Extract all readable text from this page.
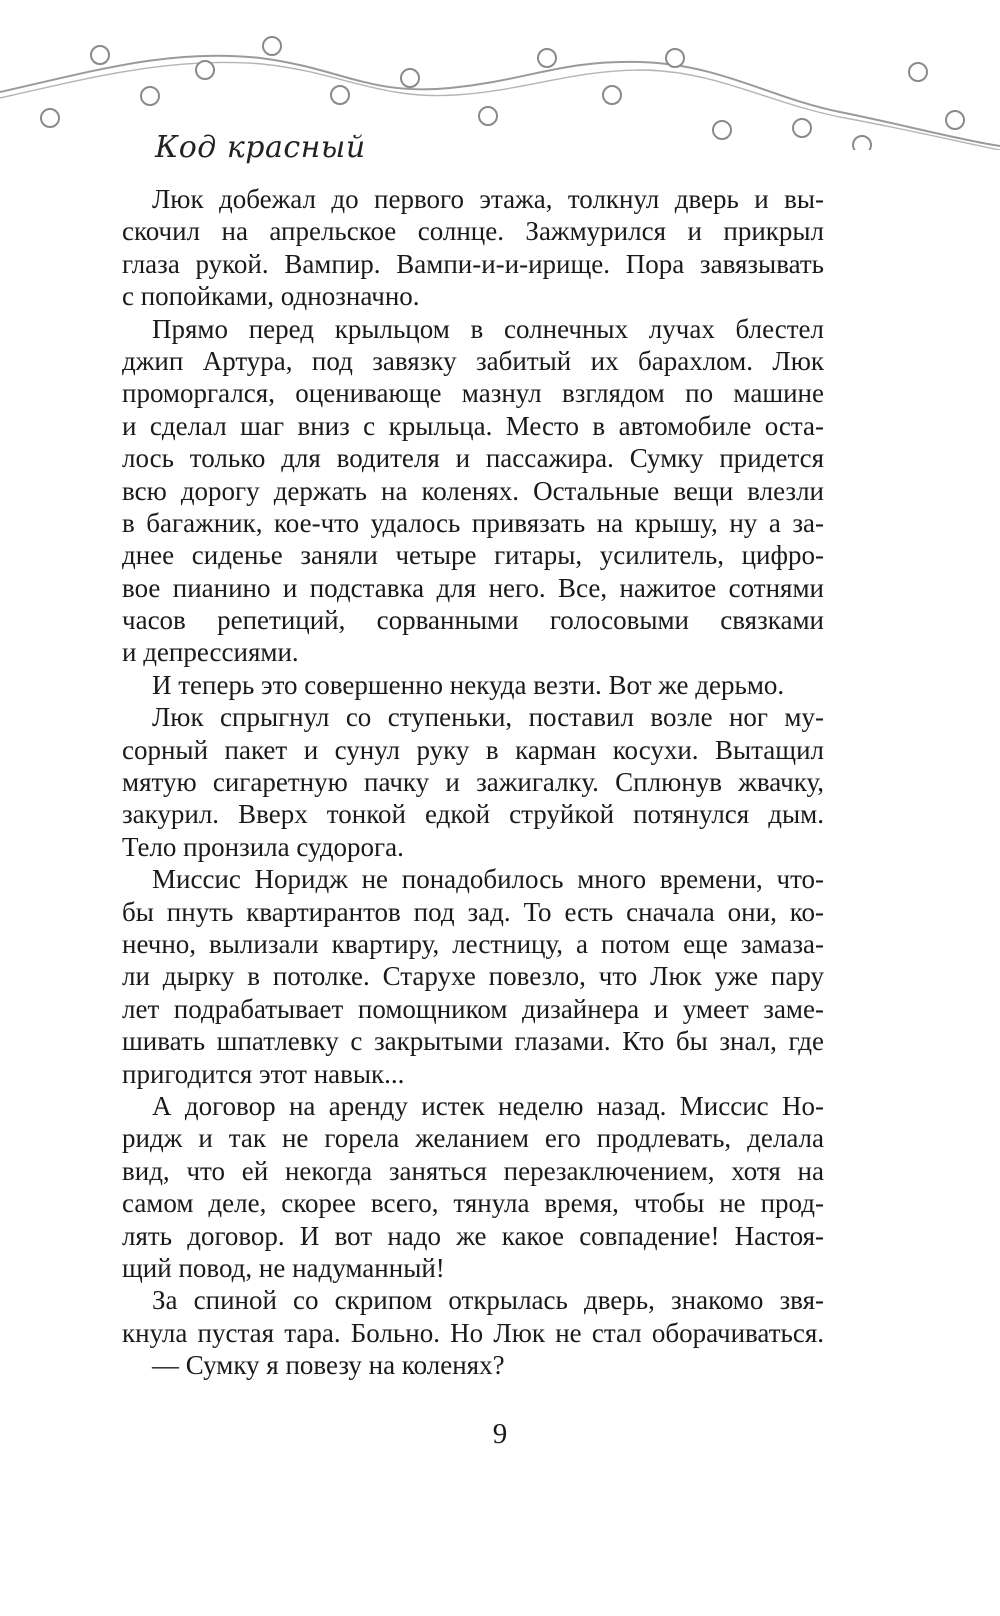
Код красный
Люк добежал до первого этажа, толкнул дверь и вы-
скочил на апрельское солнце. Зажмурился и прикрыл
глаза рукой. Вампир. Вампи-и-и-ирище. Пора завязывать
с попойками, однозначно.
Прямо перед крыльцом в солнечных лучах блестел
джип Артура, под завязку забитый их барахлом. Люк
проморгался, оценивающе мазнул взглядом по машине
и сделал шаг вниз с крыльца. Место в автомобиле оста-
лось только для водителя и пассажира. Сумку придется
всю дорогу держать на коленях. Остальные вещи влезли
в багажник, кое-что удалось привязать на крышу, ну а за-
днее сиденье заняли четыре гитары, усилитель, цифро-
вое пианино и подставка для него. Все, нажитое сотнями
часов репетиций, сорванными голосовыми связками
и депрессиями.
И теперь это совершенно некуда везти. Вот же дерьмо.
Люк спрыгнул со ступеньки, поставил возле ног му-
сорный пакет и сунул руку в карман косухи. Вытащил
мятую сигаретную пачку и зажигалку. Сплюнув жвачку,
закурил. Вверх тонкой едкой струйкой потянулся дым.
Тело пронзила судорога.
Миссис Норидж не понадобилось много времени, что-
бы пнуть квартирантов под зад. То есть сначала они, ко-
нечно, вылизали квартиру, лестницу, а потом еще замаза-
ли дырку в потолке. Старухе повезло, что Люк уже пару
лет подрабатывает помощником дизайнера и умеет заме-
шивать шпатлевку с закрытыми глазами. Кто бы знал, где
пригодится этот навык...
А договор на аренду истек неделю назад. Миссис Но-
ридж и так не горела желанием его продлевать, делала
вид, что ей некогда заняться перезаключением, хотя на
самом деле, скорее всего, тянула время, чтобы не прод-
лять договор. И вот надо же какое совпадение! Настоя-
щий повод, не надуманный!
За спиной со скрипом открылась дверь, знакомо звя-
кнула пустая тара. Больно. Но Люк не стал оборачиваться.
— Сумку я повезу на коленях?
9
